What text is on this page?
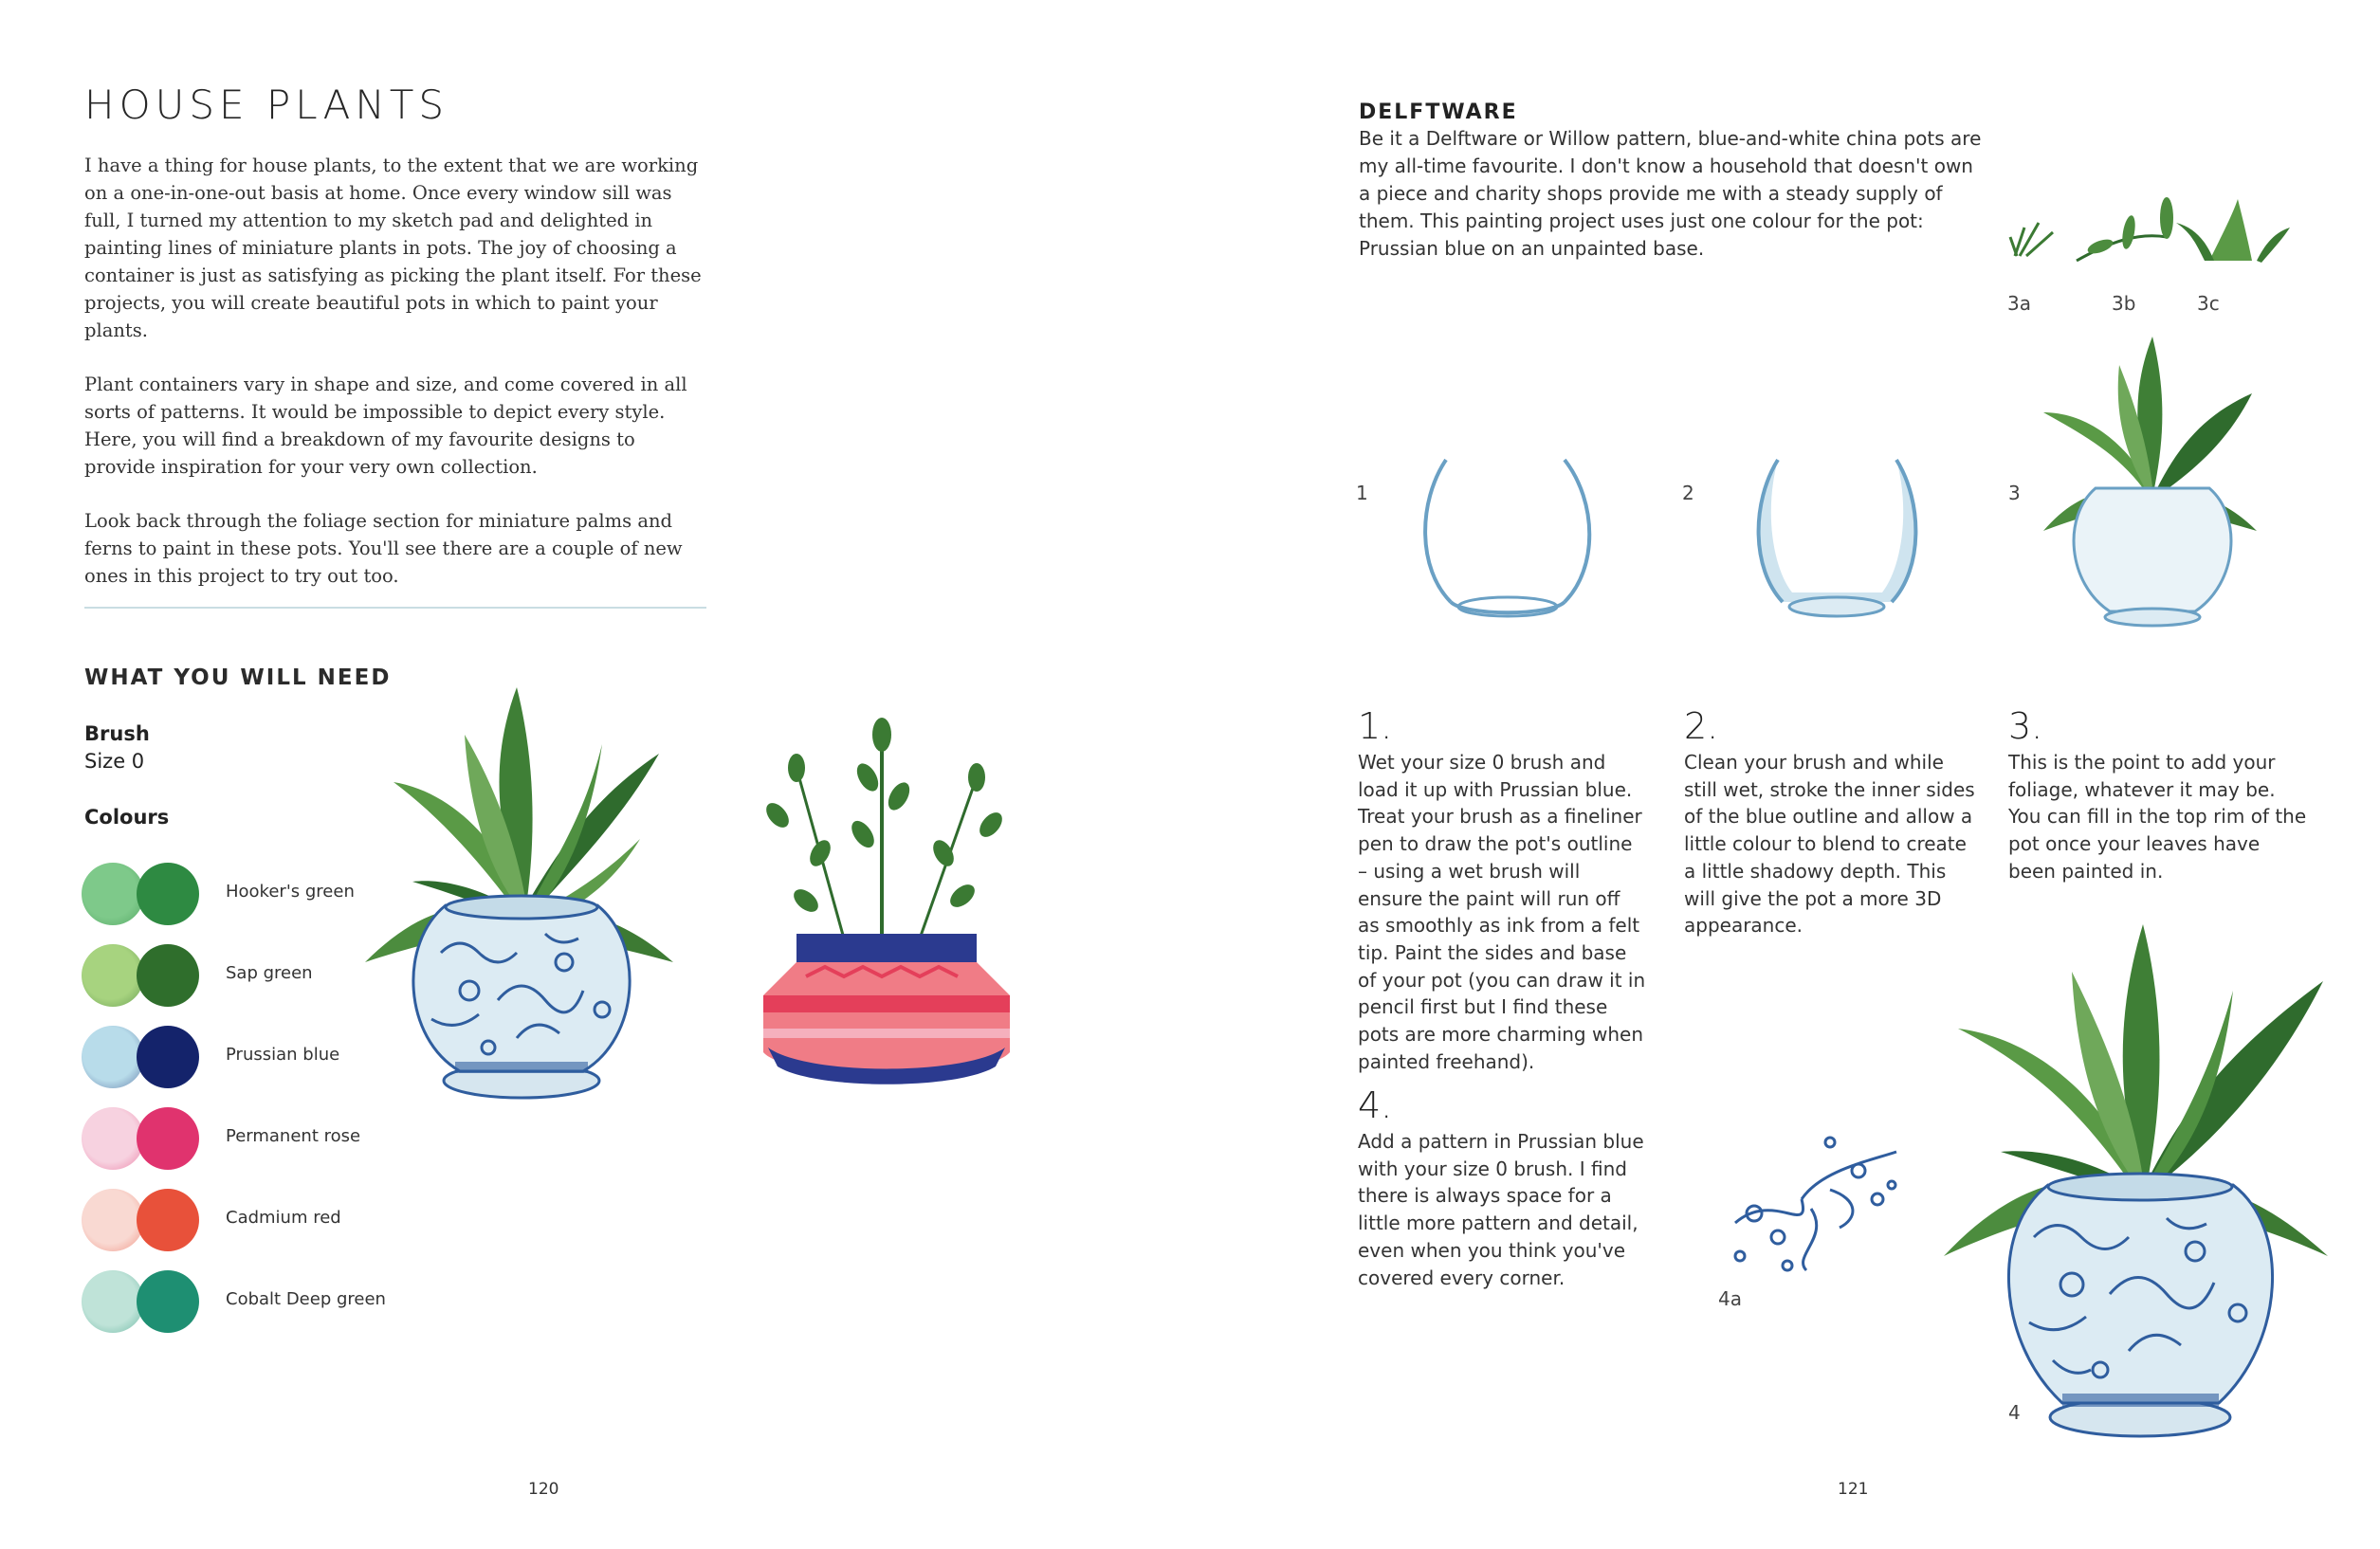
HOUSE PLANTS

I have a thing for house plants, to the extent that we are working on a one-in-one-out basis at home. Once every window sill was full, I turned my attention to my sketch pad and delighted in painting lines of miniature plants in pots. The joy of choosing a container is just as satisfying as picking the plant itself. For these projects, you will create beautiful pots in which to paint your plants.

Plant containers vary in shape and size, and come covered in all sorts of patterns. It would be impossible to depict every style. Here, you will find a breakdown of my favourite designs to provide inspiration for your very own collection.

Look back through the foliage section for miniature palms and ferns to paint in these pots. You'll see there are a couple of new ones in this project to try out too.

WHAT YOU WILL NEED
Brush
Size 0
Colours
Hooker's green
Sap green
Prussian blue
Permanent rose
Cadmium red
Cobalt Deep green
120
DELFTWARE
Be it a Delftware or Willow pattern, blue-and-white china pots are my all-time favourite. I don't know a household that doesn't own a piece and charity shops provide me with a steady supply of them. This painting project uses just one colour for the pot: Prussian blue on an unpainted base.
3a	3b	3c
1	2	3
1.
Wet your size 0 brush and load it up with Prussian blue. Treat your brush as a fineliner pen to draw the pot's outline – using a wet brush will ensure the paint will run off as smoothly as ink from a felt tip. Paint the sides and base of your pot (you can draw it in pencil first but I find these pots are more charming when painted freehand).
2.
Clean your brush and while still wet, stroke the inner sides of the blue outline and allow a little colour to blend to create a little shadowy depth. This will give the pot a more 3D appearance.
3.
This is the point to add your foliage, whatever it may be. You can fill in the top rim of the pot once your leaves have been painted in.
4.
Add a pattern in Prussian blue with your size 0 brush. I find there is always space for a little more pattern and detail, even when you think you've covered every corner.
4a
4
121
